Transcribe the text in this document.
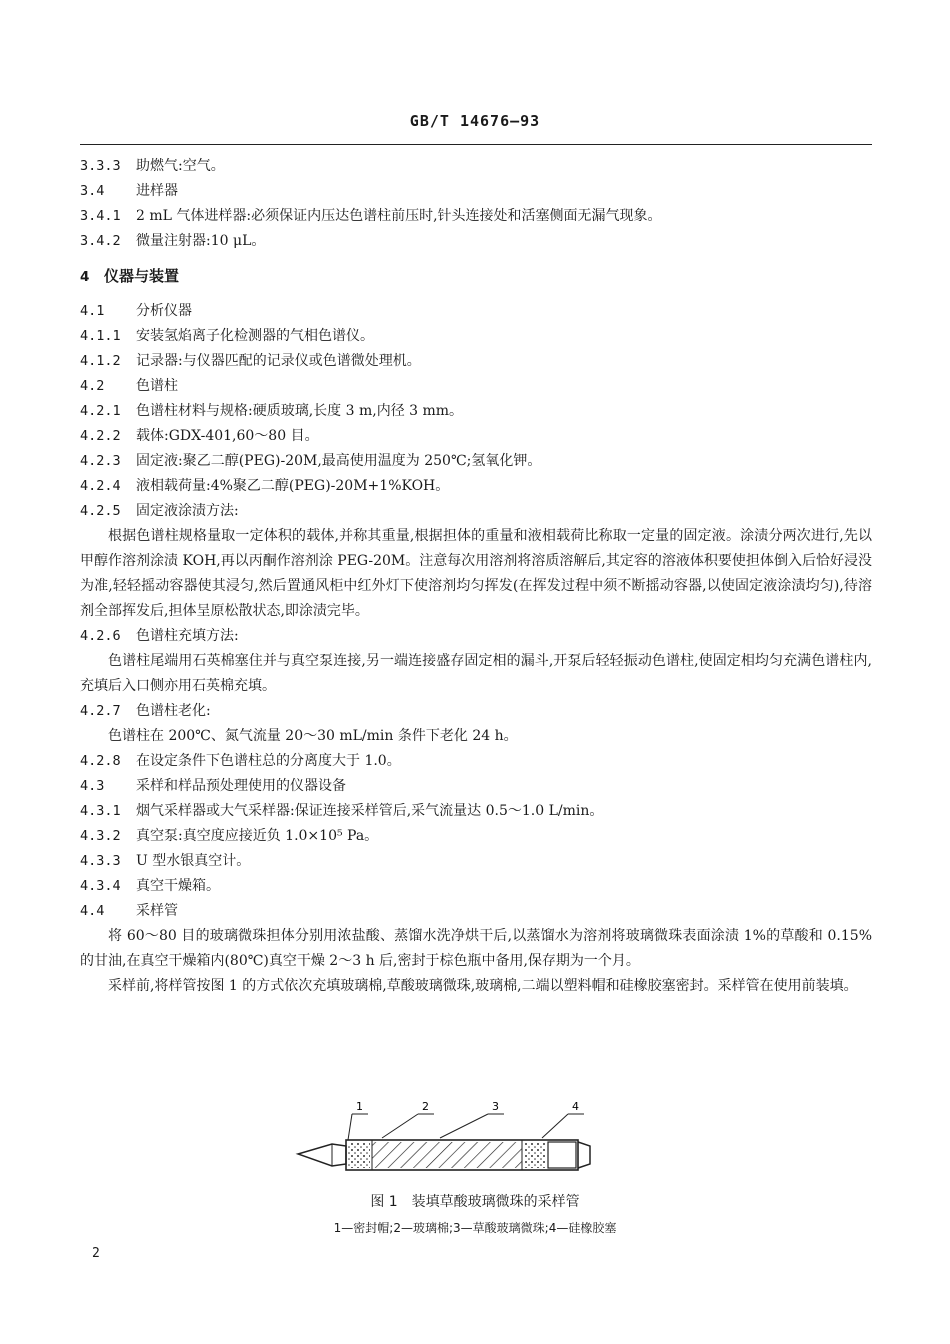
GB/T 14676—93
3.3.3 助燃气:空气。
3.4 进样器
3.4.1 2 mL 气体进样器:必须保证内压达色谱柱前压时,针头连接处和活塞侧面无漏气现象。
3.4.2 微量注射器:10 μL。
4 仪器与装置
4.1 分析仪器
4.1.1 安装氢焰离子化检测器的气相色谱仪。
4.1.2 记录器:与仪器匹配的记录仪或色谱微处理机。
4.2 色谱柱
4.2.1 色谱柱材料与规格:硬质玻璃,长度 3 m,内径 3 mm。
4.2.2 载体:GDX-401,60～80 目。
4.2.3 固定液:聚乙二醇(PEG)-20M,最高使用温度为 250℃;氢氧化钾。
4.2.4 液相载荷量:4%聚乙二醇(PEG)-20M+1%KOH。
4.2.5 固定液涂渍方法:

根据色谱柱规格量取一定体积的载体,并称其重量,根据担体的重量和液相载荷比称取一定量的固定液。涂渍分两次进行,先以甲醇作溶剂涂渍 KOH,再以丙酮作溶剂涂 PEG-20M。注意每次用溶剂将溶质溶解后,其定容的溶液体积要使担体倒入后恰好浸没为准,轻轻摇动容器使其浸匀,然后置通风柜中红外灯下使溶剂均匀挥发(在挥发过程中须不断摇动容器,以使固定液涂渍均匀),待溶剂全部挥发后,担体呈原松散状态,即涂渍完毕。

4.2.6 色谱柱充填方法:

色谱柱尾端用石英棉塞住并与真空泵连接,另一端连接盛存固定相的漏斗,开泵后轻轻振动色谱柱,使固定相均匀充满色谱柱内,充填后入口侧亦用石英棉充填。

4.2.7 色谱柱老化:

色谱柱在 200℃、氮气流量 20～30 mL/min 条件下老化 24 h。

4.2.8 在设定条件下色谱柱总的分离度大于 1.0。
4.3 采样和样品预处理使用的仪器设备
4.3.1 烟气采样器或大气采样器:保证连接采样管后,采气流量达 0.5～1.0 L/min。
4.3.2 真空泵:真空度应接近负 1.0×10⁵ Pa。
4.3.3 U 型水银真空计。
4.3.4 真空干燥箱。
4.4 采样管

将 60～80 目的玻璃微珠担体分别用浓盐酸、蒸馏水洗净烘干后,以蒸馏水为溶剂将玻璃微珠表面涂渍 1%的草酸和 0.15%的甘油,在真空干燥箱内(80℃)真空干燥 2～3 h 后,密封于棕色瓶中备用,保存期为一个月。

采样前,将样管按图 1 的方式依次充填玻璃棉,草酸玻璃微珠,玻璃棉,二端以塑料帽和硅橡胶塞密封。采样管在使用前装填。

1	2	3	4
图 1　装填草酸玻璃微珠的采样管
1—密封帽;2—玻璃棉;3—草酸玻璃微珠;4—硅橡胶塞
2
